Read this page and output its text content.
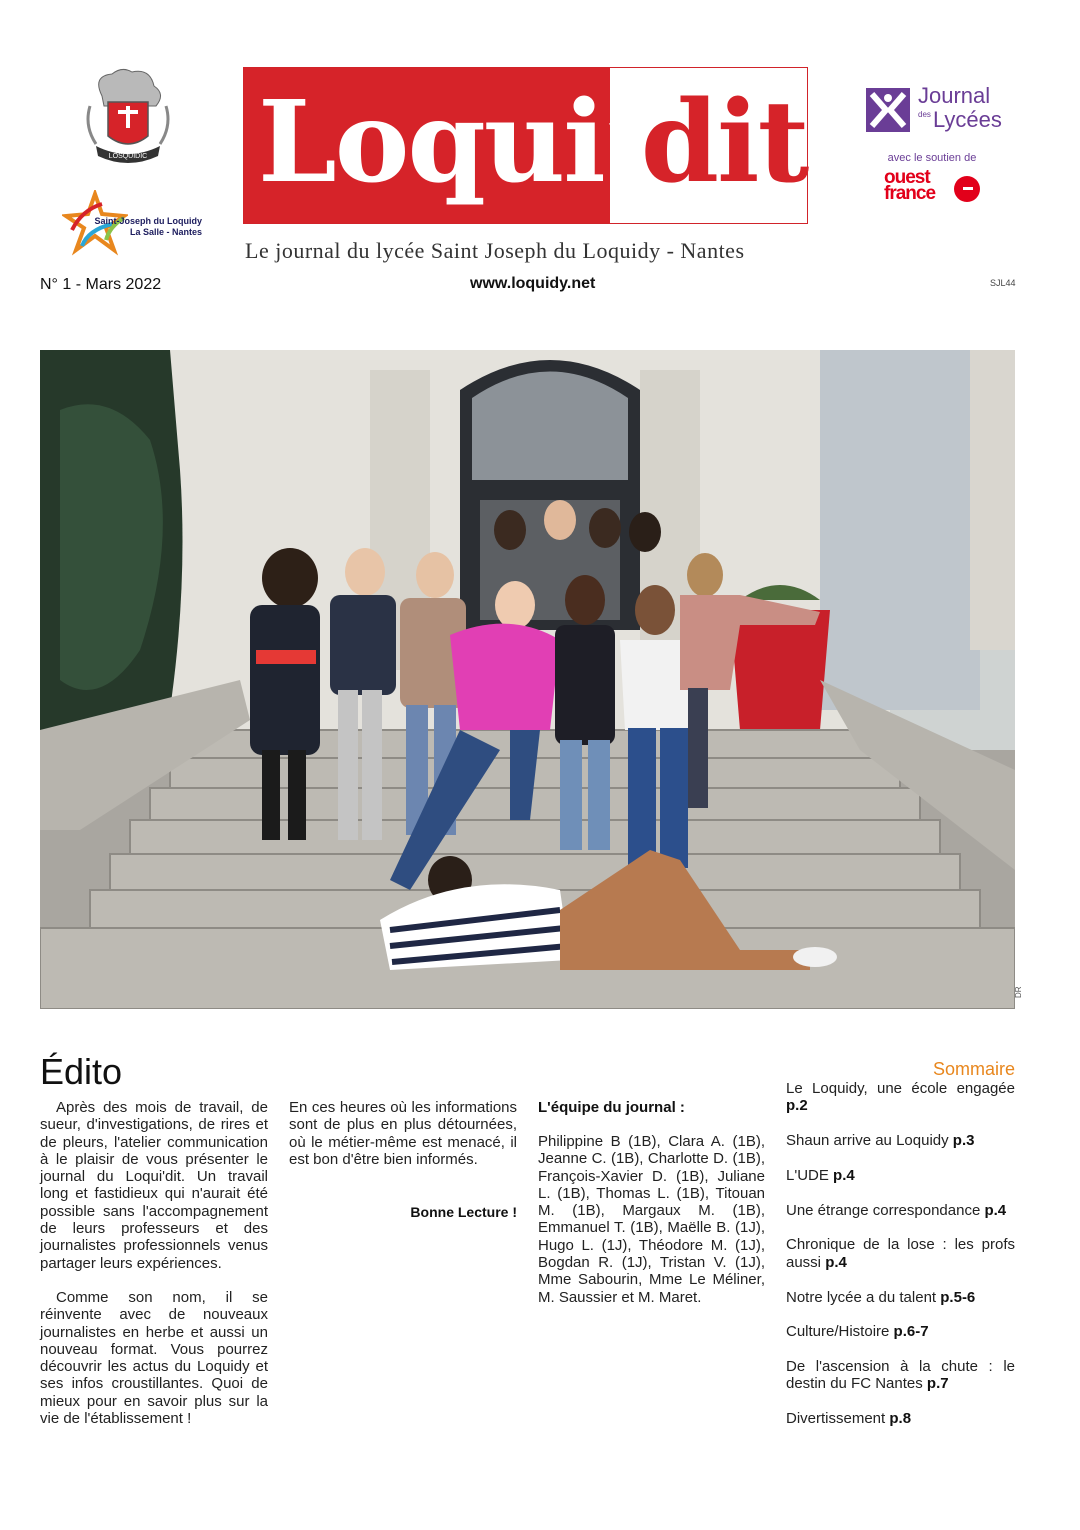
LOSQUIDIC
Saint-Joseph du Loquidy
La Salle - Nantes
Loqui’dit
Le journal du lycée Saint Joseph du Loquidy - Nantes
Journal
des Lycées
avec le soutien de
ouest
france
N° 1 - Mars 2022	www.loquidy.net	SJL44
DR
Édito

Après des mois de travail, de sueur, d'investigations, de rires et de pleurs, l'atelier communication à le plaisir de vous présenter le journal du Loqui'dit. Un travail long et fastidieux qui n'aurait été possible sans l'accompagnement de leurs professeurs et des journalistes professionnels venus partager leurs expériences.

Comme son nom, il se réinvente avec de nouveaux journalistes en herbe et aussi un nouveau format. Vous pourrez découvrir les actus du Loquidy et ses infos croustillantes. Quoi de mieux pour en savoir plus sur la vie de l'établissement !

En ces heures où les informations sont de plus en plus détournées, où le métier-même est menacé, il est bon d'être bien informés.

Bonne Lecture !
L'équipe du journal :
Philippine B (1B), Clara A. (1B), Jeanne C. (1B), Charlotte D. (1B), François-Xavier D. (1B), Juliane L. (1B), Thomas L. (1B), Titouan M. (1B), Margaux M. (1B), Emmanuel T. (1B), Maëlle B. (1J), Hugo L. (1J), Théodore M. (1J), Bogdan R. (1J), Tristan V. (1J), Mme Sabourin, Mme Le Méliner, M. Saussier et M. Maret.
Sommaire
Le Loquidy, une école engagée p.2
Shaun arrive au Loquidy p.3
L'UDE p.4
Une étrange correspondance p.4
Chronique de la lose : les profs aussi p.4
Notre lycée a du talent p.5-6
Culture/Histoire p.6-7
De l'ascension à la chute : le destin du FC Nantes p.7
Divertissement p.8
